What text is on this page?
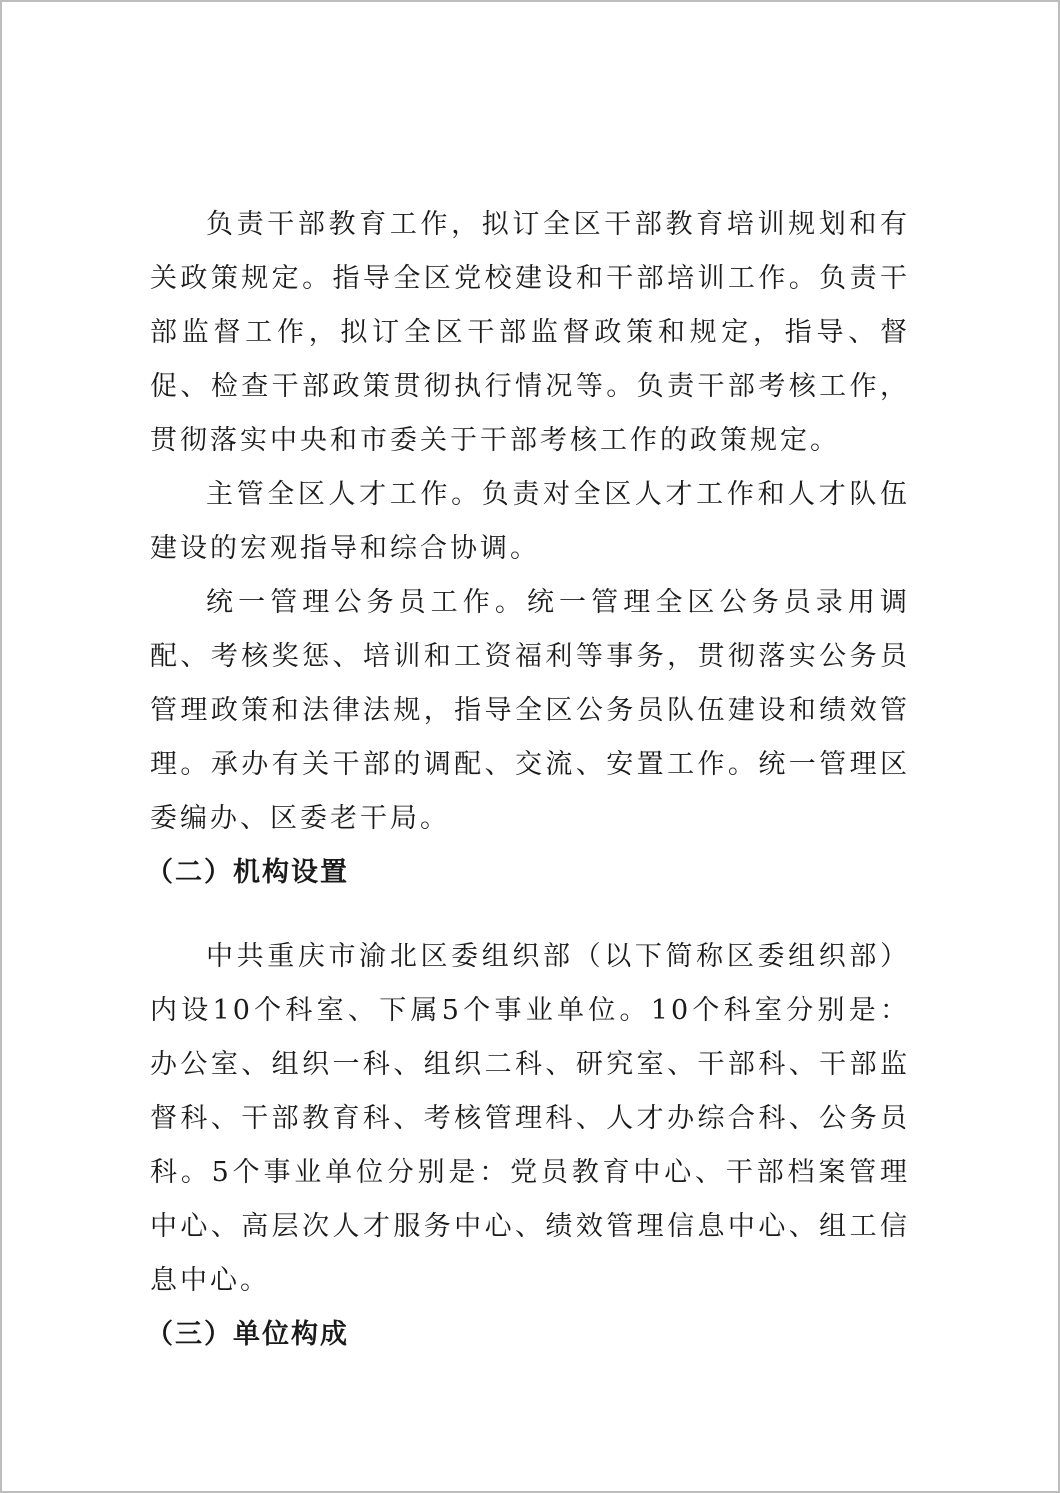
负责干部教育工作，拟订全区干部教育培训规划和有关政策规定。指导全区党校建设和干部培训工作。负责干部监督工作，拟订全区干部监督政策和规定，指导、督促、检查干部政策贯彻执行情况等。负责干部考核工作，贯彻落实中央和市委关于干部考核工作的政策规定。

主管全区人才工作。负责对全区人才工作和人才队伍建设的宏观指导和综合协调。

统一管理公务员工作。统一管理全区公务员录用调配、考核奖惩、培训和工资福利等事务，贯彻落实公务员管理政策和法律法规，指导全区公务员队伍建设和绩效管理。承办有关干部的调配、交流、安置工作。统一管理区委编办、区委老干局。

（二）机构设置

中共重庆市渝北区委组织部（以下简称区委组织部）内设10个科室、下属5个事业单位。10个科室分别是：办公室、组织一科、组织二科、研究室、干部科、干部监督科、干部教育科、考核管理科、人才办综合科、公务员科。5个事业单位分别是：党员教育中心、干部档案管理中心、高层次人才服务中心、绩效管理信息中心、组工信息中心。

（三）单位构成
